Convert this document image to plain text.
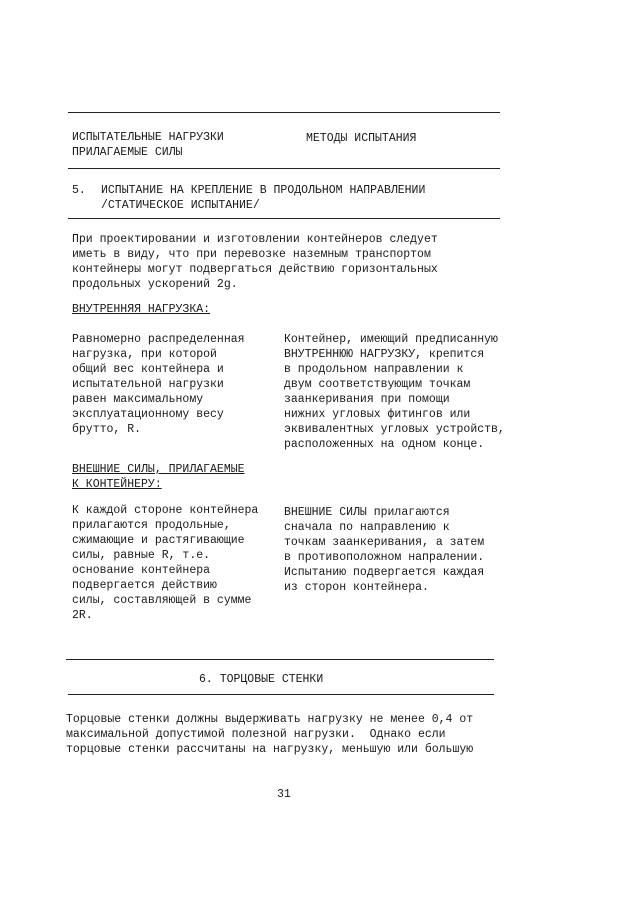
ИСПЫТАТЕЛЬНЫЕ НАГРУЗКИ
ПРИЛАГАЕМЫЕ СИЛЫ
МЕТОДЫ ИСПЫТАНИЯ
5. ИСПЫТАНИЕ НА КРЕПЛЕНИЕ В ПРОДОЛЬНОМ НАПРАВЛЕНИИ
/СТАТИЧЕСКОЕ ИСПЫТАНИЕ/
При проектировании и изготовлении контейнеров следует
иметь в виду, что при перевозке наземным транспортом
контейнеры могут подвергаться действию горизонтальных
продольных ускорений 2g.
ВНУТРЕННЯЯ НАГРУЗКА:
Равномерно распределенная
нагрузка, при которой
общий вес контейнера и
испытательной нагрузки
равен максимальному
эксплуатационному весу
брутто, R.
Контейнер, имеющий предписанную
ВНУТРЕННЮЮ НАГРУЗКУ, крепится
в продольном направлении к
двум соответствующим точкам
заанкеривания при помощи
нижних угловых фитингов или
эквивалентных угловых устройств,
расположенных на одном конце.
ВНЕШНИЕ СИЛЫ, ПРИЛАГАЕМЫЕ
К КОНТЕЙНЕРУ:
К каждой стороне контейнера
прилагаются продольные,
сжимающие и растягивающие
силы, равные R, т.е.
основание контейнера
подвергается действию
силы, составляющей в сумме
2R.
ВНЕШНИЕ СИЛЫ прилагаются
сначала по направлению к
точкам заанкеривания, а затем
в противоположном напралении.
Испытанию подвергается каждая
из сторон контейнера.
6. ТОРЦОВЫЕ СТЕНКИ
Торцовые стенки должны выдерживать нагрузку не менее 0,4 от
максимальной допустимой полезной нагрузки.  Однако если
торцовые стенки рассчитаны на нагрузку, меньшую или большую
31
